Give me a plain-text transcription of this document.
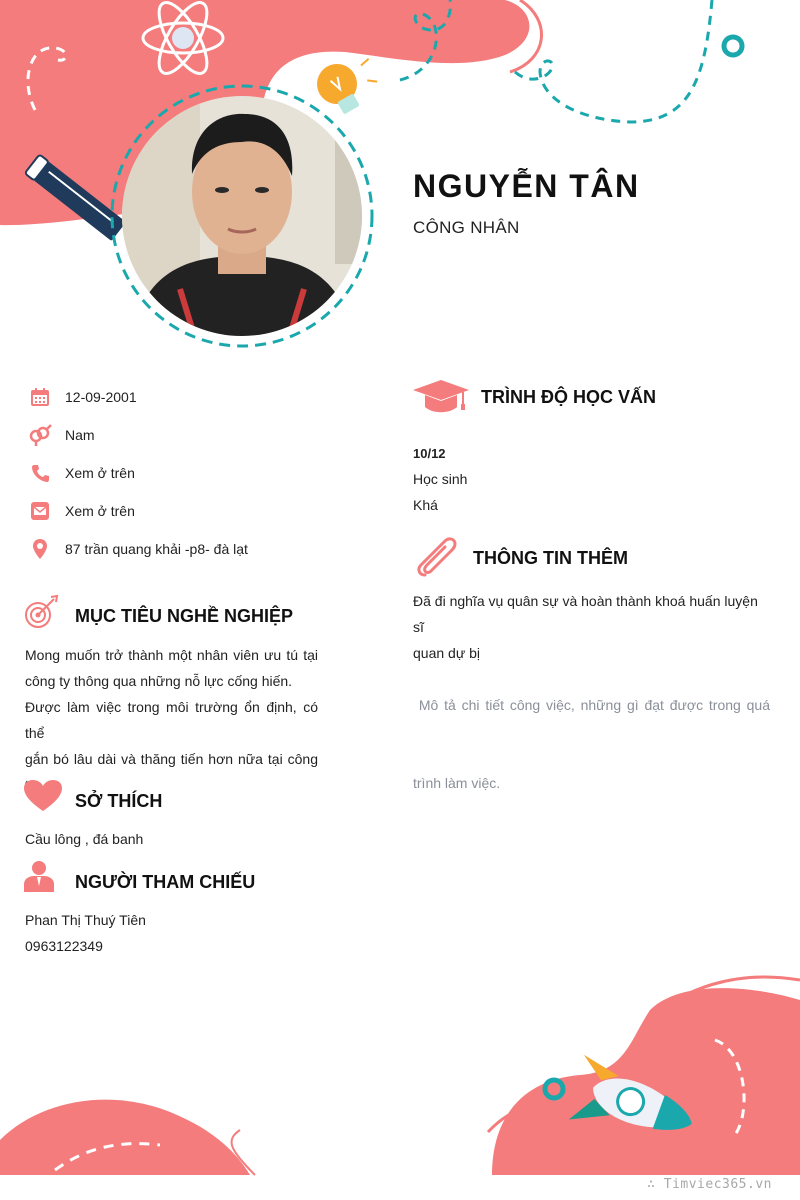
NGUYỄN TÂN
CÔNG NHÂN
12-09-2001
Nam
Xem ở trên
Xem ở trên
87 trần quang khải -p8- đà lạt
MỤC TIÊU NGHỀ NGHIỆP
Mong muốn trở thành một nhân viên ưu tú tại
công ty thông qua những nỗ lực cống hiến.
Được làm việc trong môi trường ổn định, có thể
gắn bó lâu dài và thăng tiến hơn nữa tại công
SỞ THÍCH
Cầu lông , đá banh
NGƯỜI THAM CHIẾU
Phan Thị Thuý Tiên
0963122349
TRÌNH ĐỘ HỌC VẤN
10/12
Học sinh
Khá
THÔNG TIN THÊM
Đã đi nghĩa vụ quân sự và hoàn thành khoá huấn luyện sĩ
quan dự bị

Mô tả chi tiết công việc, những gì đạt được trong quá

trình làm việc.

∴ Timviec365.vn
